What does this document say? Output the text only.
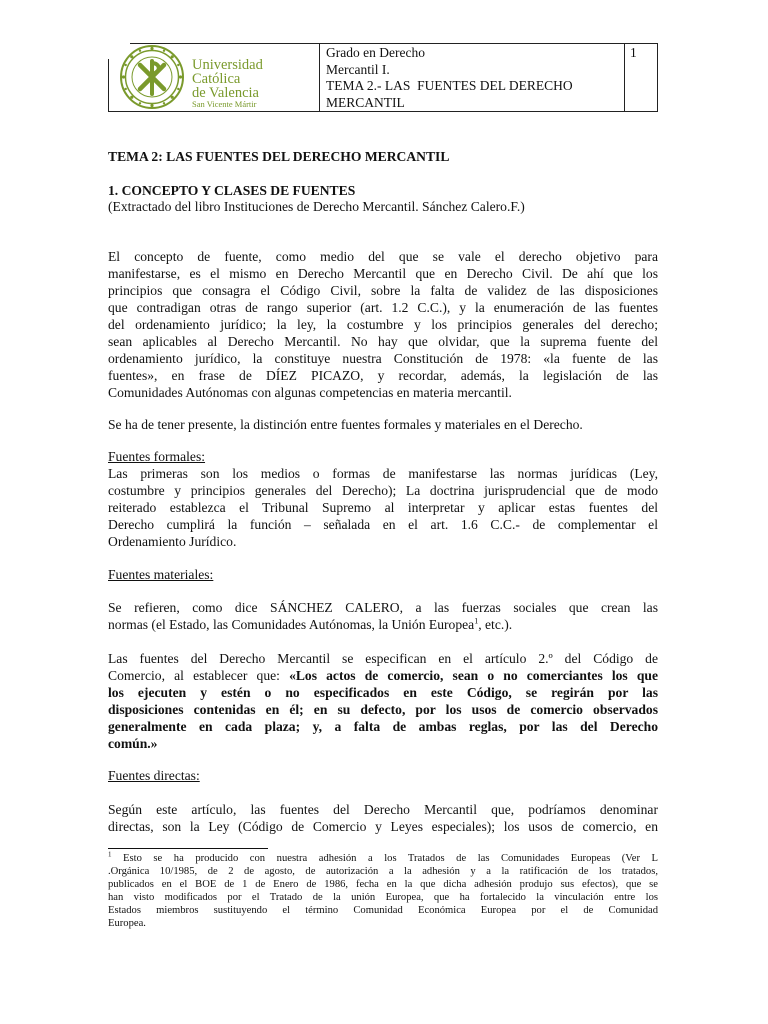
Universidad
Católica
de Valencia
San Vicente Mártir
Grado en Derecho
Mercantil I.
TEMA 2.- LAS  FUENTES DEL DERECHO
MERCANTIL
1
TEMA 2: LAS FUENTES DEL DERECHO MERCANTIL
1. CONCEPTO Y CLASES DE FUENTES
(Extractado del libro Instituciones de Derecho Mercantil. Sánchez Calero.F.)
El concepto de fuente, como medio del que se vale el derecho objetivo para
manifestarse, es el mismo en Derecho Mercantil que en Derecho Civil. De ahí que los
principios que consagra el Código Civil, sobre la falta de validez de las disposiciones
que contradigan otras de rango superior (art. 1.2 C.C.), y la enumeración de las fuentes
del ordenamiento jurídico; la ley, la costumbre y los principios generales del derecho;
sean aplicables al Derecho Mercantil. No hay que olvidar, que la suprema fuente del
ordenamiento jurídico, la constituye nuestra Constitución de 1978: «la fuente de las
fuentes», en frase de DÍEZ PICAZO, y recordar, además, la legislación de las
Comunidades Autónomas con algunas competencias en materia mercantil.
Se ha de tener presente, la distinción entre fuentes formales y materiales en el Derecho.
Fuentes formales:
Las primeras son los medios o formas de manifestarse las normas jurídicas (Ley,
costumbre y principios generales del Derecho); La doctrina jurisprudencial que de modo
reiterado establezca el Tribunal Supremo al interpretar y aplicar estas fuentes del
Derecho cumplirá la función – señalada en el art. 1.6 C.C.- de complementar el
Ordenamiento Jurídico.
Fuentes materiales:
Se refieren, como dice SÁNCHEZ CALERO, a las fuerzas sociales que crean las
normas (el Estado, las Comunidades Autónomas, la Unión Europea$^1$, etc.).
Las fuentes del Derecho Mercantil se especifican en el artículo 2.º del Código de
Comercio, al establecer que: «Los actos de comercio, sean o no comerciantes los que
los ejecuten y estén o no especificados en este Código, se regirán por las
disposiciones contenidas en él; en su defecto, por los usos de comercio observados
generalmente en cada plaza; y, a falta de ambas reglas, por las del Derecho
común.»
Fuentes directas:
Según este artículo, las fuentes del Derecho Mercantil que, podríamos denominar
directas, son la Ley (Código de Comercio y Leyes especiales); los usos de comercio, en
$^1$ Esto se ha producido con nuestra adhesión a los Tratados de las Comunidades Europeas (Ver L
.Orgánica 10/1985, de 2 de agosto, de autorización a la adhesión y a la ratificación de los tratados,
publicados en el BOE de 1 de Enero de 1986, fecha en la que dicha adhesión produjo sus efectos), que se
han visto modificados por el Tratado de la unión Europea, que ha fortalecido la vinculación entre los
Estados miembros sustituyendo el término Comunidad Económica Europea por el de Comunidad
Europea.
